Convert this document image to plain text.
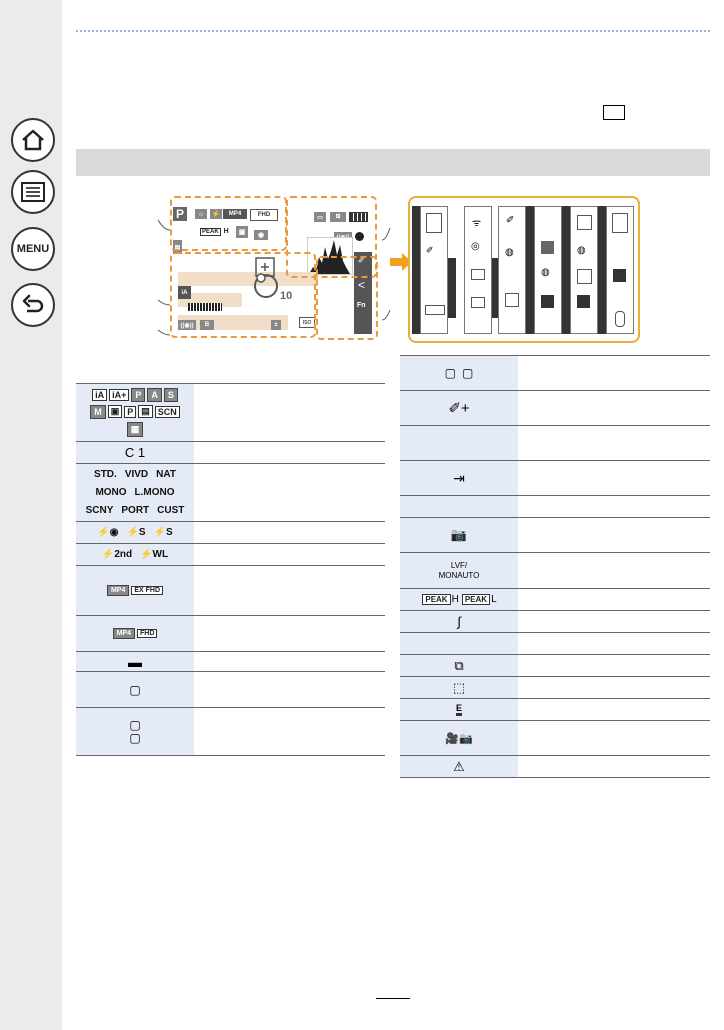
MENU
P	☼	⚡	MP4	FHD
PEAK H	▣	◉
▤
▭	⧉
iA
((◉))	B	±
10
✐
<
Fn
ISO
✐
ᯤ
◎
✐
◍
◍
◍
iA iA+	P	A	S
M	▣ P ▤ SCN
▦
C 1
STD. VIVD NAT
MONO L.MONO
SCNY PORT CUST
⚡◉ ⚡S ⚡S
⚡2nd ⚡WL
MP4	EX FHD
MP4	FHD
▬
▢
▢
▢
▢ ▢
✐+
⇥
📷
LVF/
MONAUTO
PEAK H PEAK L
∫
⧉
⬚
E
🎥📷
⚠
